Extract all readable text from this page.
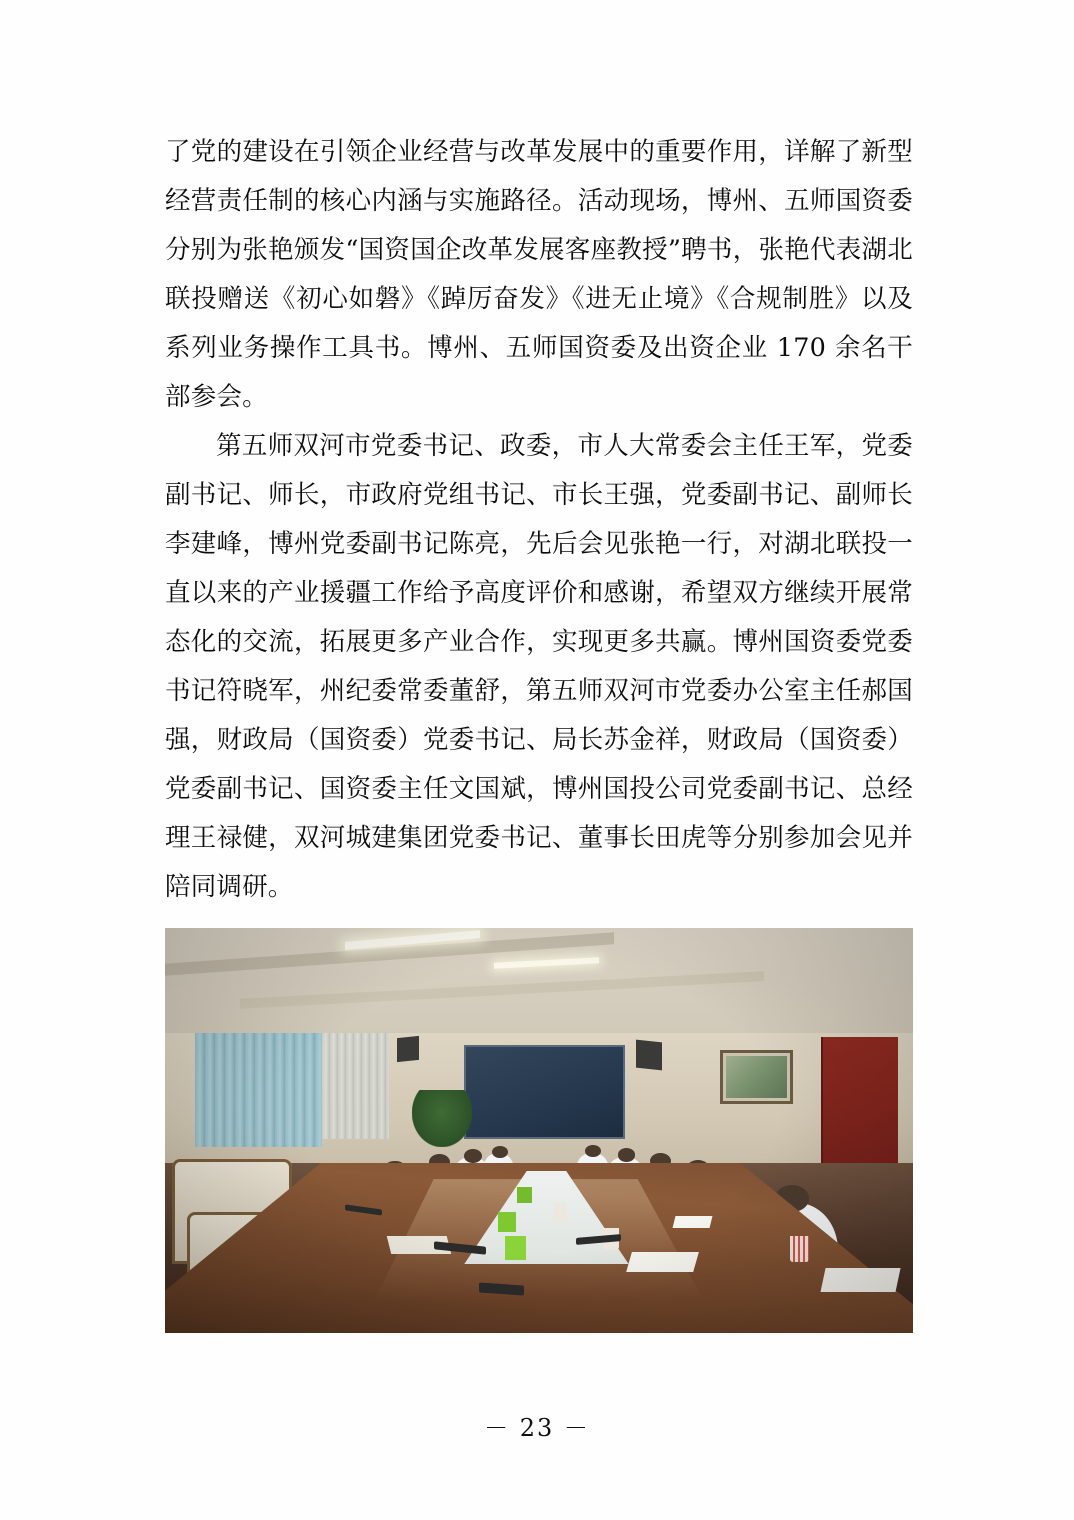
了党的建设在引领企业经营与改革发展中的重要作用，详解了新型经营责任制的核心内涵与实施路径。活动现场，博州、五师国资委分别为张艳颁发“国资国企改革发展客座教授”聘书，张艳代表湖北联投赠送《初心如磐》《踔厉奋发》《进无止境》《合规制胜》以及系列业务操作工具书。博州、五师国资委及出资企业 170 余名干部参会。

第五师双河市党委书记、政委，市人大常委会主任王军，党委副书记、师长，市政府党组书记、市长王强，党委副书记、副师长李建峰，博州党委副书记陈亮，先后会见张艳一行，对湖北联投一直以来的产业援疆工作给予高度评价和感谢，希望双方继续开展常态化的交流，拓展更多产业合作，实现更多共赢。博州国资委党委书记符晓军，州纪委常委董舒，第五师双河市党委办公室主任郝国强，财政局（国资委）党委书记、局长苏金祥，财政局（国资委）党委副书记、国资委主任文国斌，博州国投公司党委副书记、总经理王禄健，双河城建集团党委书记、董事长田虎等分别参加会见并陪同调研。

－ 23 －
